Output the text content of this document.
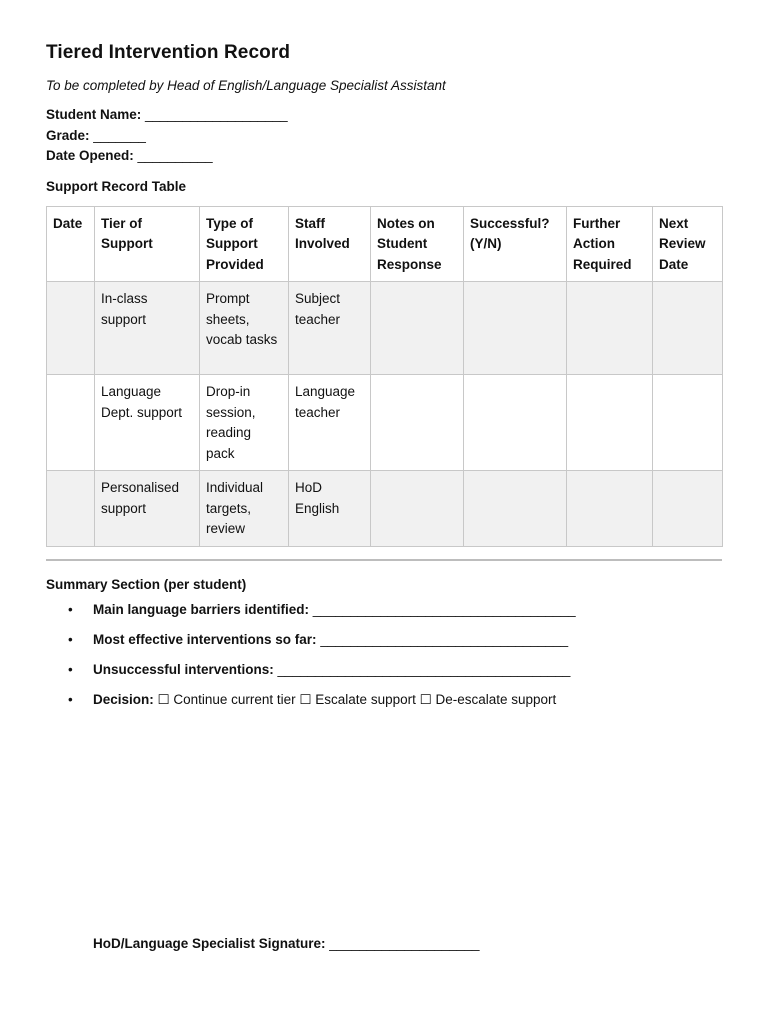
Tiered Intervention Record

To be completed by Head of English/Language Specialist Assistant

Student Name: ___________________
Grade: _______
Date Opened: __________
Support Record Table
Date	Tier of Support	Type of Support Provided	Staff Involved	Notes on Student Response	Successful? (Y/N)	Further Action Required	Next Review Date
	In-class support	Prompt sheets, vocab tasks	Subject teacher				
	Language Dept. support	Drop-in session, reading pack	Language teacher				
	Personalised support	Individual targets, review	HoD English				
Summary Section (per student)
• Main language barriers identified: ___________________________________
• Most effective interventions so far: _________________________________
• Unsuccessful interventions: _______________________________________
• Decision: ☐ Continue current tier ☐ Escalate support ☐ De-escalate support
HoD/Language Specialist Signature: ____________________
